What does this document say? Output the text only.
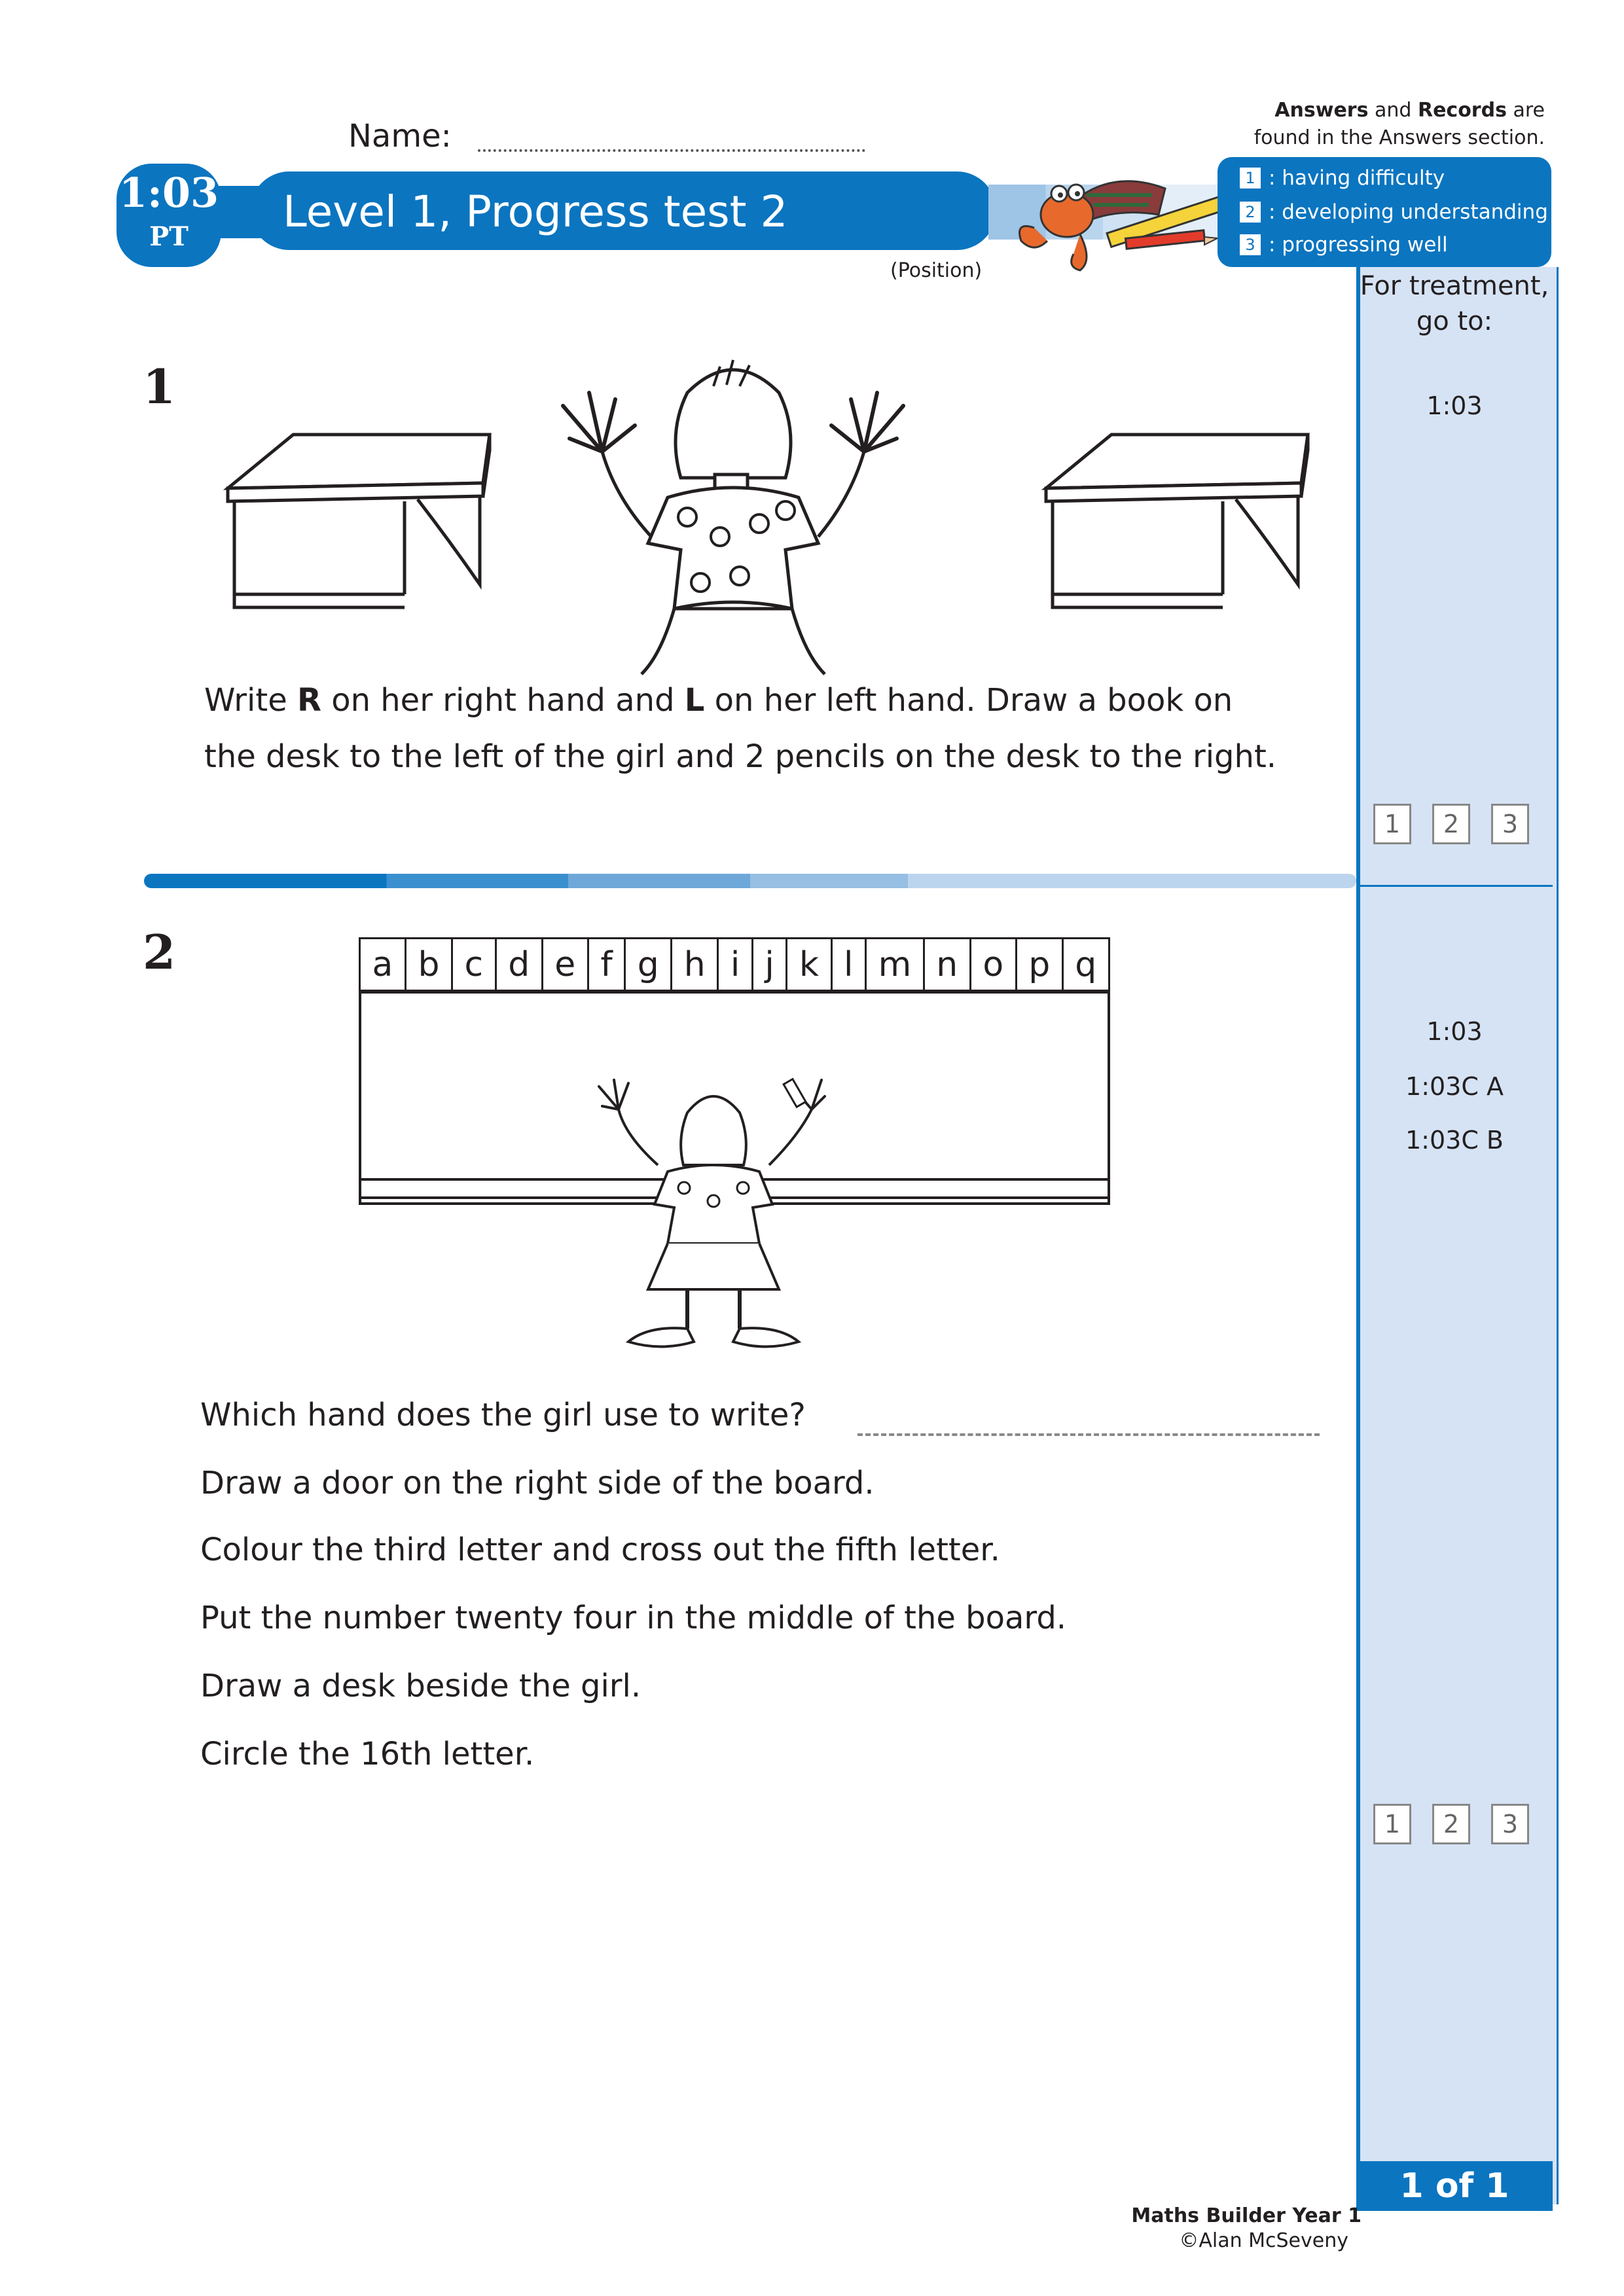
Name:
Answers and Records are
found in the Answers section.
1:03
PT	Level 1, Progress test 2
(Position)
1 : having difficulty
2 : developing understanding
3 : progressing well
For treatment,
go to:
1:03
1	2	3
1:03
1:03C A
1:03C B
1	2	3
1 of 1
1
Write R on her right hand and L on her left hand. Draw a book on
the desk to the left of the girl and 2 pencils on the desk to the right.
2	a b c d e f g h i j k l m n o p q
Which hand does the girl use to write?
Draw a door on the right side of the board.
Colour the third letter and cross out the fifth letter.
Put the number twenty four in the middle of the board.
Draw a desk beside the girl.
Circle the 16th letter.
Maths Builder Year 1
©Alan McSeveny
